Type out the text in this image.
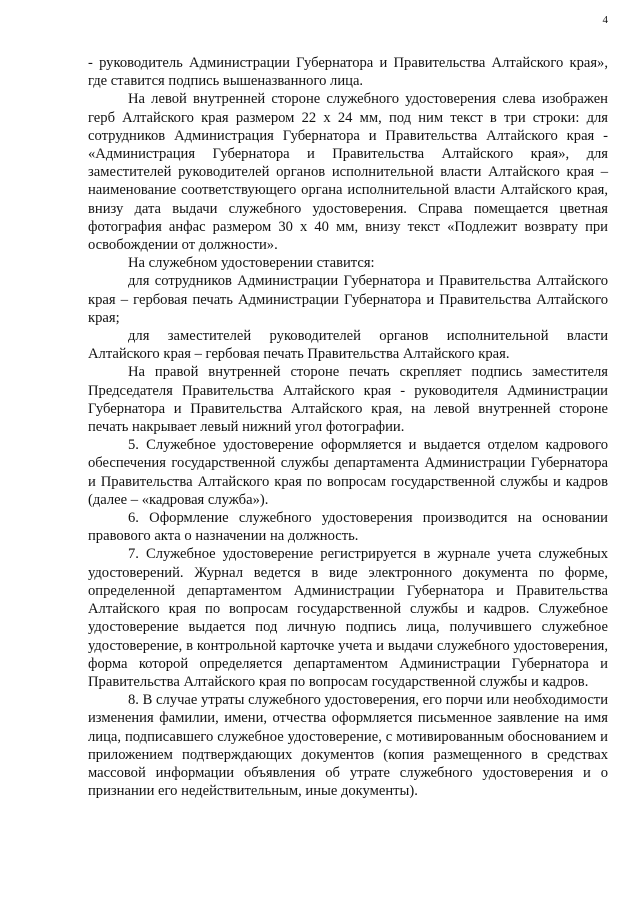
4

- руководитель Администрации Губернатора и Правительства Алтайского края», где ставится подпись вышеназванного лица.

На левой внутренней стороне служебного удостоверения слева изображен герб Алтайского края размером 22 х 24 мм, под ним текст в три строки: для сотрудников Администрация Губернатора и Правительства Алтайского края - «Администрация Губернатора и Правительства Алтайского края», для заместителей руководителей органов исполнительной власти Алтайского края – наименование соответствующего органа исполнительной власти Алтайского края, внизу дата выдачи служебного удостоверения. Справа помещается цветная фотография анфас размером 30 х 40 мм, внизу текст «Подлежит возврату при освобождении от должности».

На служебном удостоверении ставится:

для сотрудников Администрации Губернатора и Правительства Алтайского края – гербовая печать Администрации Губернатора и Правительства Алтайского края;

для заместителей руководителей органов исполнительной власти Алтайского края – гербовая печать Правительства Алтайского края.

На правой внутренней стороне печать скрепляет подпись заместителя Председателя Правительства Алтайского края - руководителя Администрации Губернатора и Правительства Алтайского края, на левой внутренней стороне печать накрывает левый нижний угол фотографии.

5. Служебное удостоверение оформляется и выдается отделом кадрового обеспечения государственной службы департамента Администрации Губернатора и Правительства Алтайского края по вопросам государственной службы и кадров (далее – «кадровая служба»).

6. Оформление служебного удостоверения производится на основании правового акта о назначении на должность.

7. Служебное удостоверение регистрируется в журнале учета служебных удостоверений. Журнал ведется в виде электронного документа по форме, определенной департаментом Администрации Губернатора и Правительства Алтайского края по вопросам государственной службы и кадров. Служебное удостоверение выдается под личную подпись лица, получившего служебное удостоверение, в контрольной карточке учета и выдачи служебного удостоверения, форма которой определяется департаментом Администрации Губернатора и Правительства Алтайского края по вопросам государственной службы и кадров.

8. В случае утраты служебного удостоверения, его порчи или необходимости изменения фамилии, имени, отчества оформляется письменное заявление на имя лица, подписавшего служебное удостоверение, с мотивированным обоснованием и приложением подтверждающих документов (копия размещенного в средствах массовой информации объявления об утрате служебного удостоверения и о признании его недействительным, иные документы).
